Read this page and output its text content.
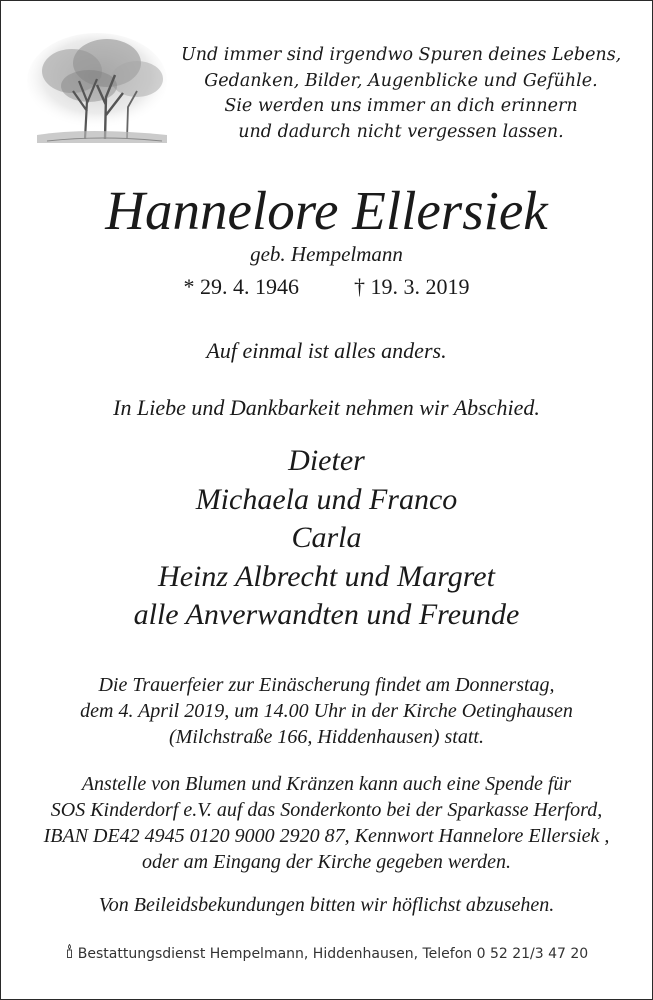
Und immer sind irgendwo Spuren deines Lebens,
Gedanken, Bilder, Augenblicke und Gefühle.
Sie werden uns immer an dich erinnern
und dadurch nicht vergessen lassen.
Hannelore Ellersiek
geb. Hempelmann
* 29. 4. 1946	† 19. 3. 2019
Auf einmal ist alles anders.
In Liebe und Dankbarkeit nehmen wir Abschied.
Dieter
Michaela und Franco
Carla
Heinz Albrecht und Margret
alle Anverwandten und Freunde
Die Trauerfeier zur Einäscherung findet am Donnerstag,
dem 4. April 2019, um 14.00 Uhr in der Kirche Oetinghausen
(Milchstraße 166, Hiddenhausen) statt.
Anstelle von Blumen und Kränzen kann auch eine Spende für
SOS Kinderdorf e.V. auf das Sonderkonto bei der Sparkasse Herford,
IBAN DE42 4945 0120 9000 2920 87, Kennwort Hannelore Ellersiek ,
oder am Eingang der Kirche gegeben werden.
Von Beileidsbekundungen bitten wir höflichst abzusehen.
Bestattungsdienst Hempelmann, Hiddenhausen, Telefon 0 52 21/3 47 20
